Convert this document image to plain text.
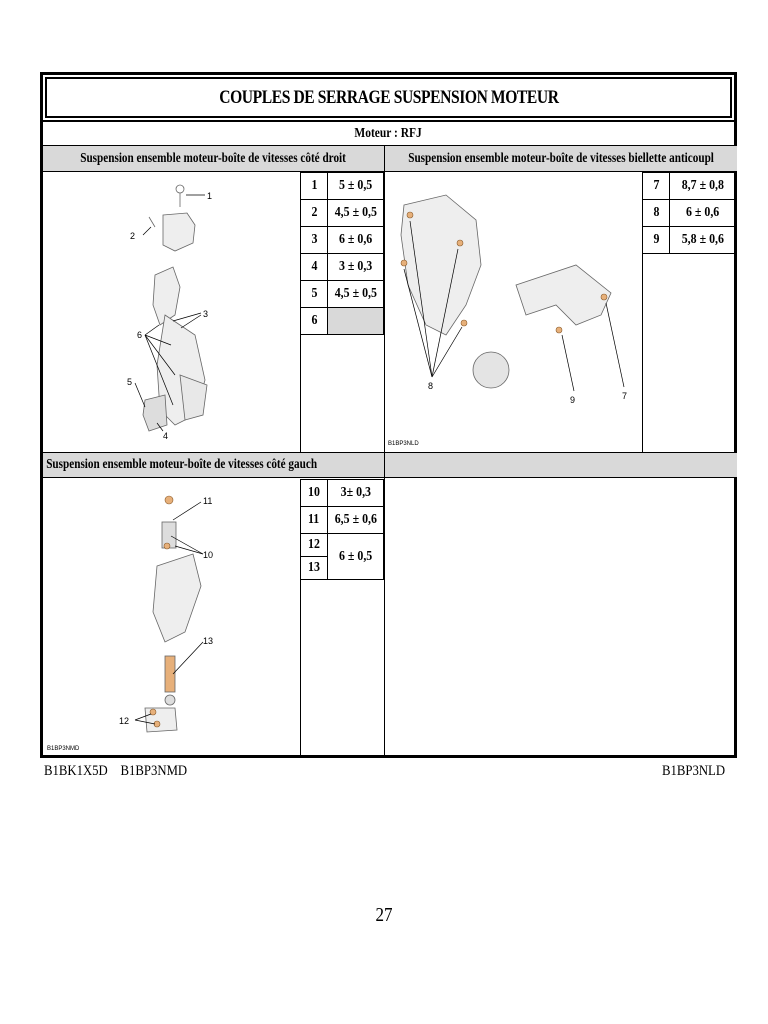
COUPLES DE SERRAGE SUSPENSION MOTEUR
Moteur : RFJ
Suspension ensemble moteur-boîte de vitesses côté droit	Suspension ensemble moteur-boîte de vitesses biellette anticoupl
Suspension ensemble moteur-boîte de vitesses côté gauch
1	5 ± 0,5
2	4,5 ± 0,5
3	6 ± 0,6
4	3 ± 0,3
5	4,5 ± 0,5
6	
7	8,7 ± 0,8
8	6 ± 0,6
9	5,8 ± 0,6
10	3± 0,3
11	6,5 ± 0,6
12	6 ± 0,5
13	
1
2
3
6
5
4
8
9	7
B1BP3NLD
11
10
13
12
B1BP3NMD
B1BK1X5D    B1BP3NMD	B1BP3NLD
27
